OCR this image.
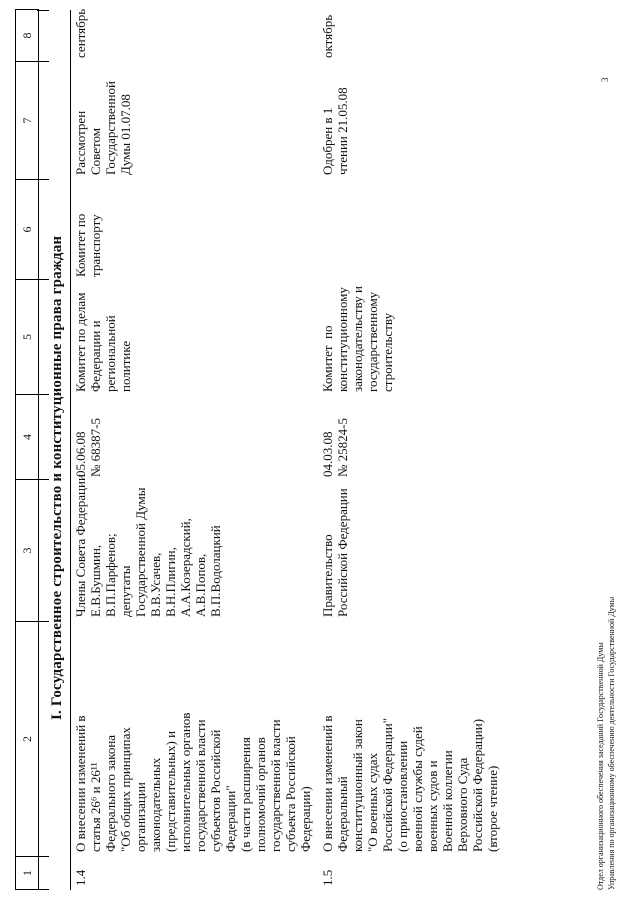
1
2
3
4
5
6
7
8
I. Государственное строительство и конституционные права граждан
1.4
О внесении изменений в
статья 26⁶ и 26¹¹
Федерального закона
"Об общих принципах
организации
законодательных
(представительных) и
исполнительных органов
государственной власти
субъектов Российской
Федерации"
(в части расширения
полномочий органов
государственной власти
субъекта Российской
Федерации)
Члены Совета Федерации
Е.В.Бушмин,
В.П.Парфенов;
депутаты
Государственной Думы
В.В.Усачев,
В.Н.Плигин,
А.А.Козерадский,
А.В.Попов,
В.П.Водолацкий
05.06.08
№ 68387-5
Комитет по делам
Федерации и
региональной
политике
Комитет по
транспорту
Рассмотрен
Советом
Государственной
Думы 01.07.08
сентябрь
1.5
О внесении изменений в
Федеральный
конституционный закон
"О военных судах
Российской Федерации"
(о приостановлении
военной службы судей
военных судов и
Военной коллегии
Верховного Суда
Российской Федерации)
(второе чтение)
Правительство
Российской Федерации
04.03.08
№ 25824-5
Комитет  по
конституционному
законодательству и
государственному
строительству
Одобрен в 1
чтении 21.05.08
октябрь
Отдел организационного обеспечения заседаний Государственной Думы Управления по организационному обеспечению деятельности Государственной Думы
3
